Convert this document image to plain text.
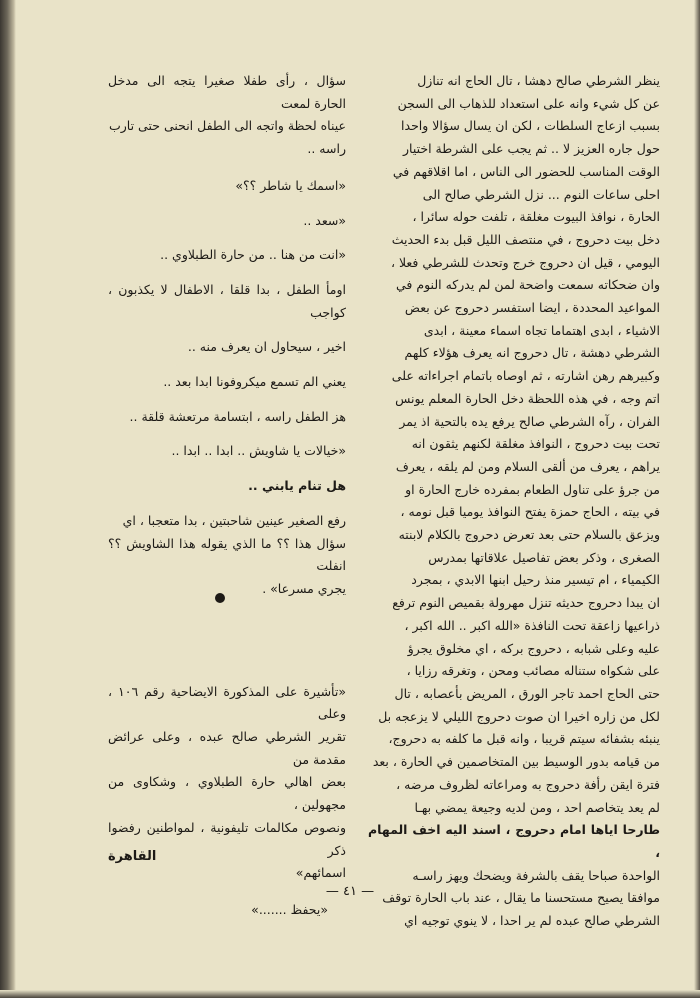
ينظر الشرطي صالح دهشا ، تال الحاج انه تنازل

عن كل شيء وانه على استعداد للذهاب الى السجن

بسبب ازعاج السلطات ، لكن ان يسال سؤالا واحدا

حول جاره العزيز لا .. ثم يجب على الشرطة اختيار

الوقت المناسب للحضور الى الناس ، اما اقلاقهم في

احلى ساعات النوم ... نزل الشرطي صالح الى

الحارة ، نوافذ البيوت مغلقة ، تلفت حوله سائرا ،

دخل بيت دحروج ، في منتصف الليل قبل بدء الحديث

اليومي ، قيل ان دحروج خرج وتحدث للشرطي فعلا ،

وان ضحكاته سمعت واضحة لمن لم يدركه النوم في

المواعيد المحددة ، ايضا استفسر دحروج عن بعض

الاشياء ، ابدى اهتماما تجاه اسماء معينة ، ابدى

الشرطي دهشة ، تال دحروج انه يعرف هؤلاء كلهم

وكبيرهم رهن اشارته ، ثم اوصاه باتمام اجراءاته على

اتم وجه ، في هذه اللحظة دخل الحارة المعلم يونس

الفران ، رآه الشرطي صالح يرفع يده بالتحية اذ يمر

تحت بيت دحروج ، النوافذ مغلقة لكنهم يثقون انه

يراهم ، يعرف من ألقى السلام ومن لم يلقه ، يعرف

من جرؤ على تناول الطعام بمفرده خارج الحارة او

في بيته ، الحاج حمزة يفتح النوافذ يوميا قبل نومه ،

ويزعق بالسلام حتى بعد تعرض دحروج بالكلام لابنته

الصغرى ، وذكر بعض تفاصيل علاقاتها بمدرس

الكيمياء ، ام تيسير منذ رحيل ابنها الابدي ، بمجرد

ان يبدا دحروج حديثه تنزل مهرولة بقميص النوم ترفع

ذراعيها زاعقة تحت النافذة «الله اكبر .. الله اكبر ،

عليه وعلى شبابه ، دحروج بركه ، اي مخلوق يجرؤ

على شكواه ستناله مصائب ومحن ، وتغرقه رزايا ،

حتى الحاج احمد تاجر الورق ، المريض بأعصابه ، تال

لكل من زاره اخيرا ان صوت دحروج الليلي لا يزعجه بل

ينبئه بشفائه سيتم قريبا ، وانه قبل ما كلفه به دحروج،

من قيامه بدور الوسيط بين المتخاصمين في الحارة ، بعد

فترة ايقن رأفة دحروج به ومراعاته لظروف مرضه ،

لم يعد يتخاصم احد ، ومن لديه وجيعة يمضي بهـا

طارحا اياها امام دحروج ، اسند اليه اخف المهام ،

الواحدة صباحا يقف بالشرفة ويضحك ويهز راسـه

موافقا يصيح مستحسنا ما يقال ، عند باب الحارة توقف

الشرطي صالح عبده لم ير احدا ، لا ينوي توجيه اي

سؤال ، رأى طفلا صغيرا يتجه الى مدخل الحارة لمعت

عيناه لحظة واتجه الى الطفل انحنى حتى تارب

راسه ..

«اسمك يا شاطر ؟؟»

«سعد ..

«انت من هنا .. من حارة الطبلاوي ..

اومأ الطفل ، بدا قلقا ، الاطفال لا يكذبون ، كواجب

اخير ، سيحاول ان يعرف منه ..

يعني الم تسمع ميكروفونا ابدا بعد ..

هز الطفل راسه ، ابتسامة مرتعشة قلقة ..

«خيالات يا شاويش .. ابدا .. ابدا ..

هل تنام يابني ..

رفع الصغير عينين شاحبتين ، بدا متعجبا ، اي

سؤال هذا ؟؟ ما الذي يقوله هذا الشاويش ؟؟ انفلت

يجري مسرعا» .

«تأشيرة على المذكورة الايضاحية رقم ١٠٦ ، وعلى

تقرير الشرطي صالح عبده ، وعلى عرائض مقدمة من

بعض اهالي حارة الطبلاوي ، وشكاوى من مجهولين ،

ونصوص مكالمات تليفونية ، لمواطنين رفضوا ذكر

اسمائهم»

«يحفظ .......»

القاهرة
— ٤١ —
